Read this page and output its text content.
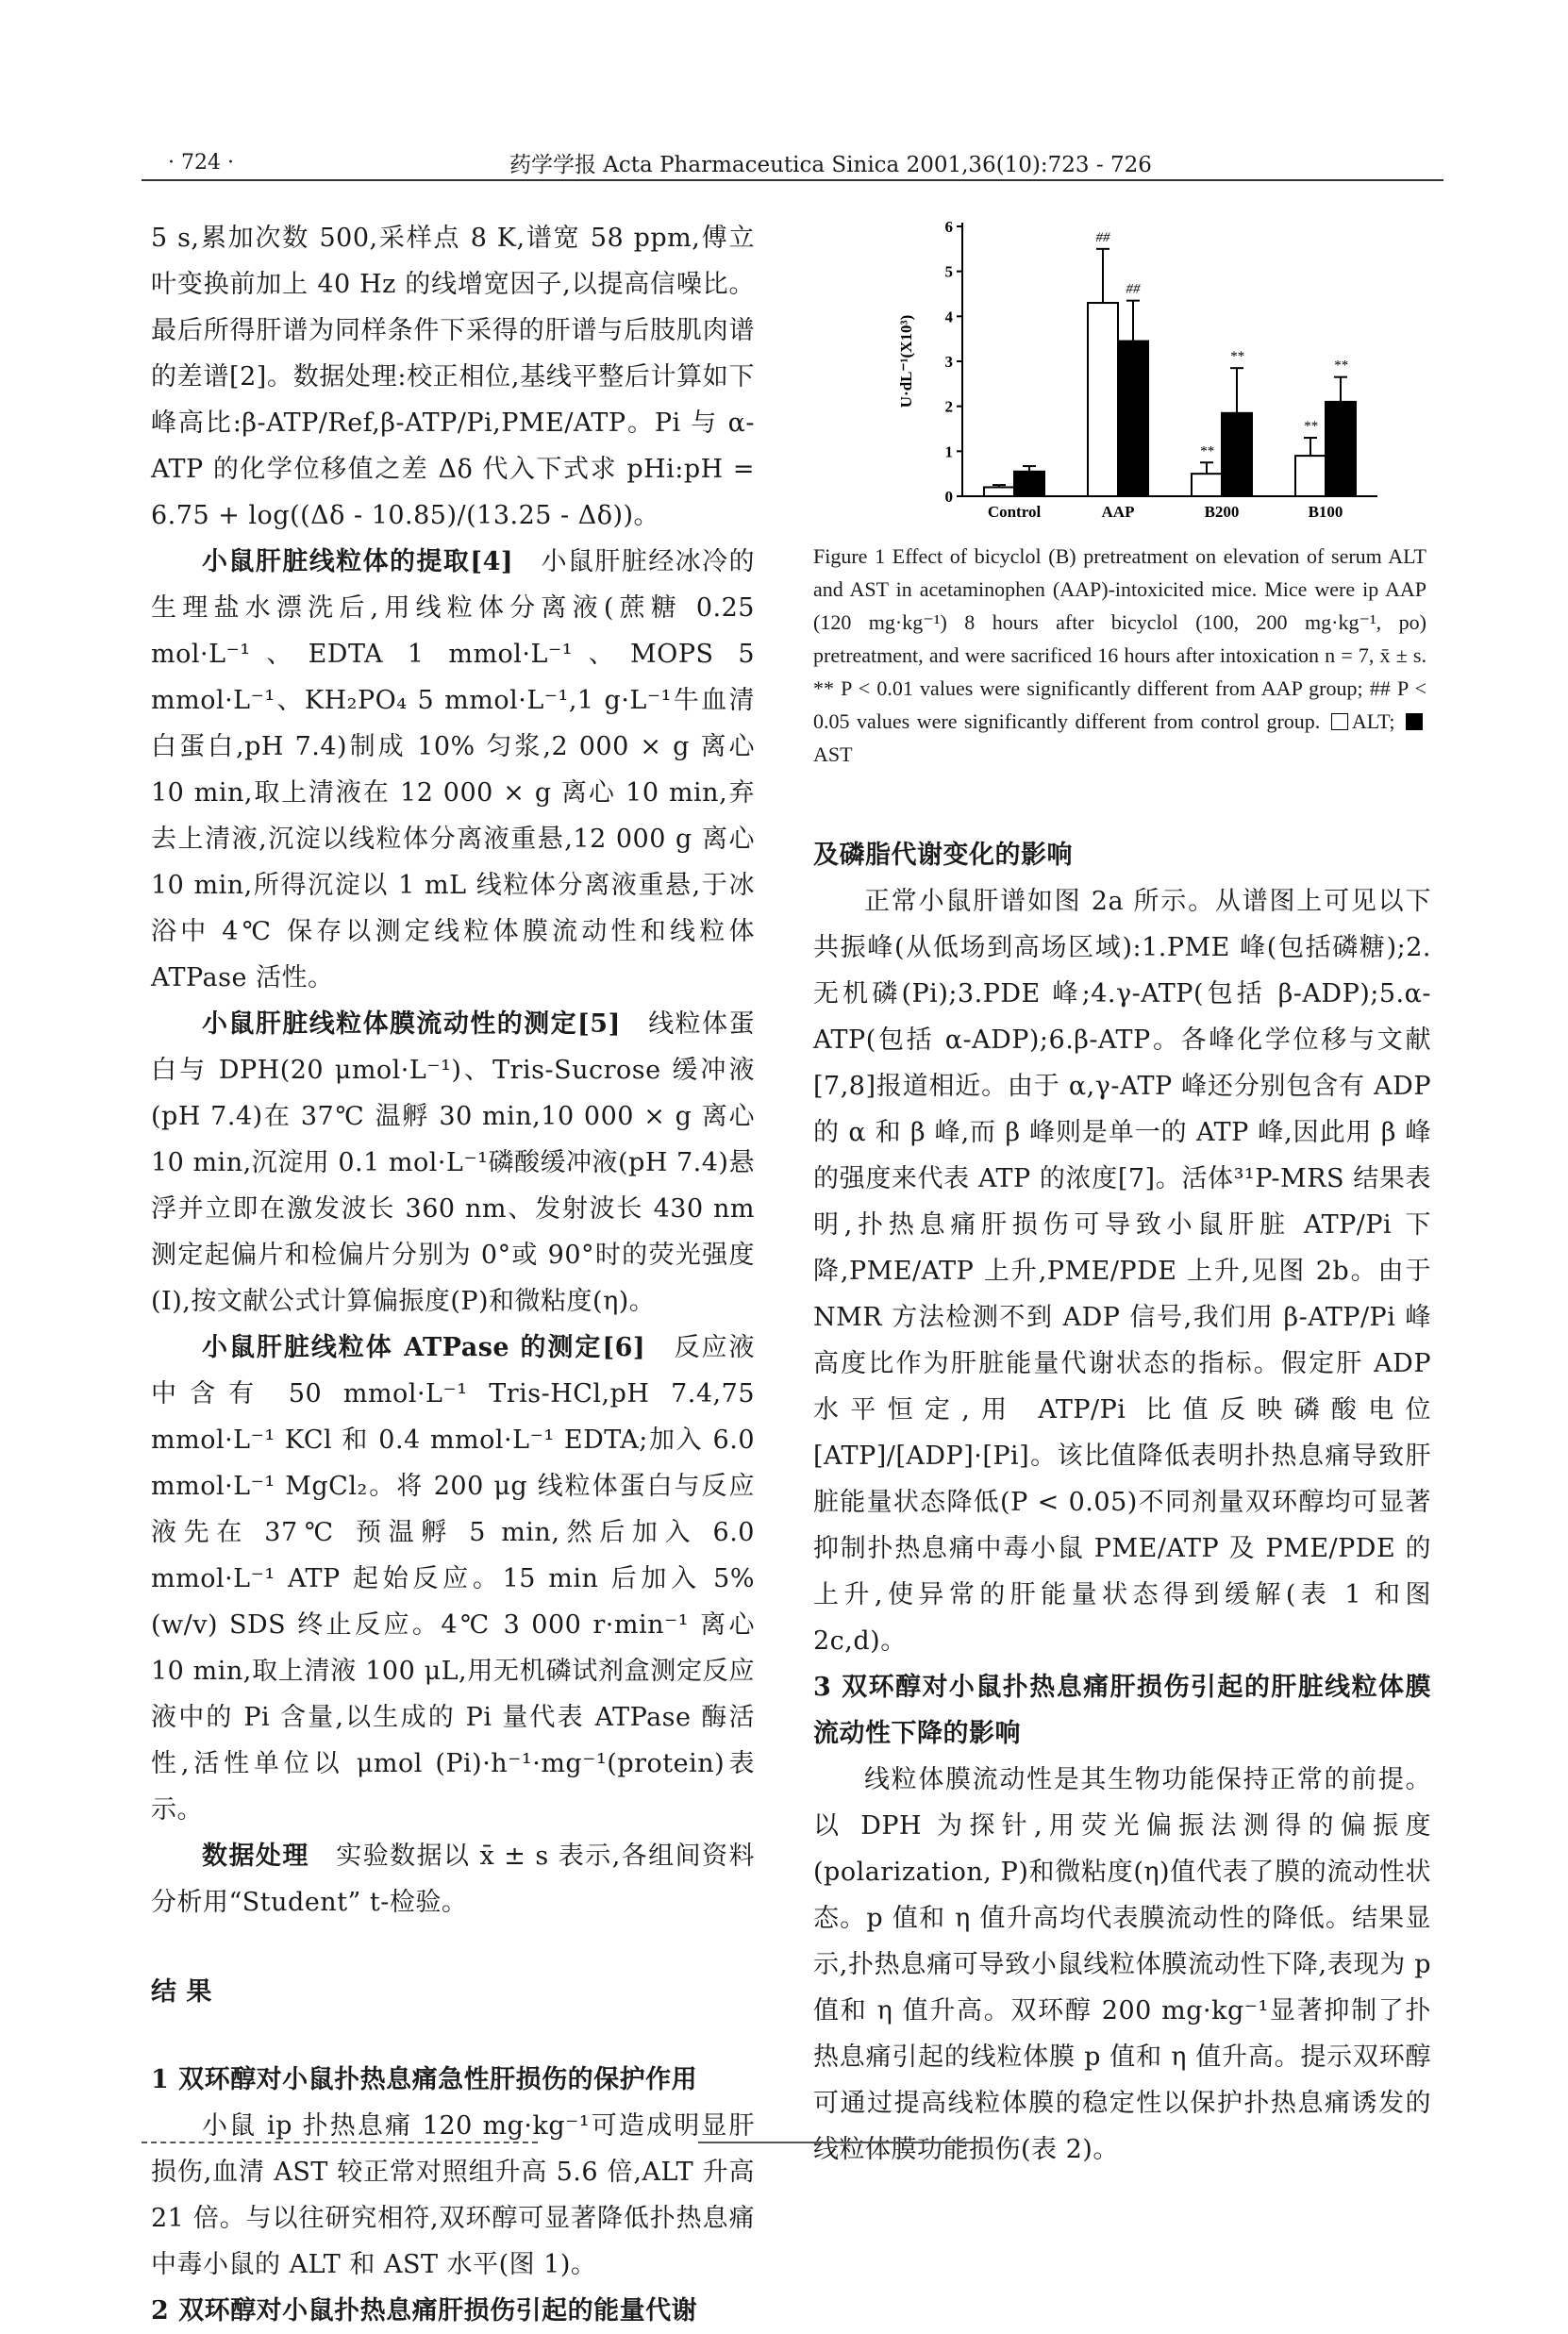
· 724 ·	药学学报 Acta Pharmaceutica Sinica 2001,36(10):723 - 726

5 s,累加次数 500,采样点 8 K,谱宽 58 ppm,傅立叶变换前加上 40 Hz 的线增宽因子,以提高信噪比。最后所得肝谱为同样条件下采得的肝谱与后肢肌肉谱的差谱[2]。数据处理:校正相位,基线平整后计算如下峰高比:β-ATP/Ref,β-ATP/Pi,PME/ATP。Pi 与 α-ATP 的化学位移值之差 Δδ 代入下式求 pHi:pH = 6.75 + log((Δδ - 10.85)/(13.25 - Δδ))。

小鼠肝脏线粒体的提取[4]　 小鼠肝脏经冰冷的生理盐水漂洗后,用线粒体分离液(蔗糖 0.25 mol·L⁻¹、EDTA 1 mmol·L⁻¹、MOPS 5 mmol·L⁻¹、KH₂PO₄ 5 mmol·L⁻¹,1 g·L⁻¹牛血清白蛋白,pH 7.4)制成 10% 匀浆,2 000 × g 离心 10 min,取上清液在 12 000 × g 离心 10 min,弃去上清液,沉淀以线粒体分离液重悬,12 000 g 离心 10 min,所得沉淀以 1 mL 线粒体分离液重悬,于冰浴中 4℃ 保存以测定线粒体膜流动性和线粒体 ATPase 活性。

小鼠肝脏线粒体膜流动性的测定[5]　 线粒体蛋白与 DPH(20 μmol·L⁻¹)、Tris-Sucrose 缓冲液(pH 7.4)在 37℃ 温孵 30 min,10 000 × g 离心 10 min,沉淀用 0.1 mol·L⁻¹磷酸缓冲液(pH 7.4)悬浮并立即在激发波长 360 nm、发射波长 430 nm 测定起偏片和检偏片分别为 0°或 90°时的荧光强度(I),按文献公式计算偏振度(P)和微粘度(η)。

小鼠肝脏线粒体 ATPase 的测定[6]　 反应液中含有 50 mmol·L⁻¹ Tris-HCl,pH 7.4,75 mmol·L⁻¹ KCl 和 0.4 mmol·L⁻¹ EDTA;加入 6.0 mmol·L⁻¹ MgCl₂。将 200 μg 线粒体蛋白与反应液先在 37℃ 预温孵 5 min,然后加入 6.0 mmol·L⁻¹ ATP 起始反应。15 min 后加入 5%(w/v) SDS 终止反应。4℃ 3 000 r·min⁻¹ 离心 10 min,取上清液 100 μL,用无机磷试剂盒测定反应液中的 Pi 含量,以生成的 Pi 量代表 ATPase 酶活性,活性单位以 μmol (Pi)·h⁻¹·mg⁻¹(protein)表示。

数据处理　 实验数据以 x̄ ± s 表示,各组间资料分析用“Student” t-检验。

结 果

1 双环醇对小鼠扑热息痛急性肝损伤的保护作用

小鼠 ip 扑热息痛 120 mg·kg⁻¹可造成明显肝损伤,血清 AST 较正常对照组升高 5.6 倍,ALT 升高 21 倍。与以往研究相符,双环醇可显著降低扑热息痛中毒小鼠的 ALT 和 AST 水平(图 1)。

2 双环醇对小鼠扑热息痛肝损伤引起的能量代谢

0
1
2
3
4
5
6
U·dL⁻¹(X10³)
Control
##
##
AAP
**
**
B200
**
**
B100
Figure 1 Effect of bicyclol (B) pretreatment on elevation of serum ALT and AST in acetaminophen (AAP)-intoxicited mice. Mice were ip AAP (120 mg·kg⁻¹) 8 hours after bicyclol (100, 200 mg·kg⁻¹, po) pretreatment, and were sacrificed 16 hours after intoxication n = 7, x̄ ± s. ** P < 0.01 values were significantly different from AAP group; ## P < 0.05 values were significantly different from control group. ALT; AST

及磷脂代谢变化的影响

正常小鼠肝谱如图 2a 所示。从谱图上可见以下共振峰(从低场到高场区域):1.PME 峰(包括磷糖);2.无机磷(Pi);3.PDE 峰;4.γ-ATP(包括 β-ADP);5.α-ATP(包括 α-ADP);6.β-ATP。各峰化学位移与文献[7,8]报道相近。由于 α,γ-ATP 峰还分别包含有 ADP 的 α 和 β 峰,而 β 峰则是单一的 ATP 峰,因此用 β 峰的强度来代表 ATP 的浓度[7]。活体³¹P-MRS 结果表明,扑热息痛肝损伤可导致小鼠肝脏 ATP/Pi 下降,PME/ATP 上升,PME/PDE 上升,见图 2b。由于 NMR 方法检测不到 ADP 信号,我们用 β-ATP/Pi 峰高度比作为肝脏能量代谢状态的指标。假定肝 ADP 水平恒定,用 ATP/Pi 比值反映磷酸电位 [ATP]/[ADP]·[Pi]。该比值降低表明扑热息痛导致肝脏能量状态降低(P < 0.05)不同剂量双环醇均可显著抑制扑热息痛中毒小鼠 PME/ATP 及 PME/PDE 的上升,使异常的肝能量状态得到缓解(表 1 和图 2c,d)。

3 双环醇对小鼠扑热息痛肝损伤引起的肝脏线粒体膜流动性下降的影响

线粒体膜流动性是其生物功能保持正常的前提。以 DPH 为探针,用荧光偏振法测得的偏振度(polarization, P)和微粘度(η)值代表了膜的流动性状态。p 值和 η 值升高均代表膜流动性的降低。结果显示,扑热息痛可导致小鼠线粒体膜流动性下降,表现为 p 值和 η 值升高。双环醇 200 mg·kg⁻¹显著抑制了扑热息痛引起的线粒体膜 p 值和 η 值升高。提示双环醇可通过提高线粒体膜的稳定性以保护扑热息痛诱发的线粒体膜功能损伤(表 2)。
